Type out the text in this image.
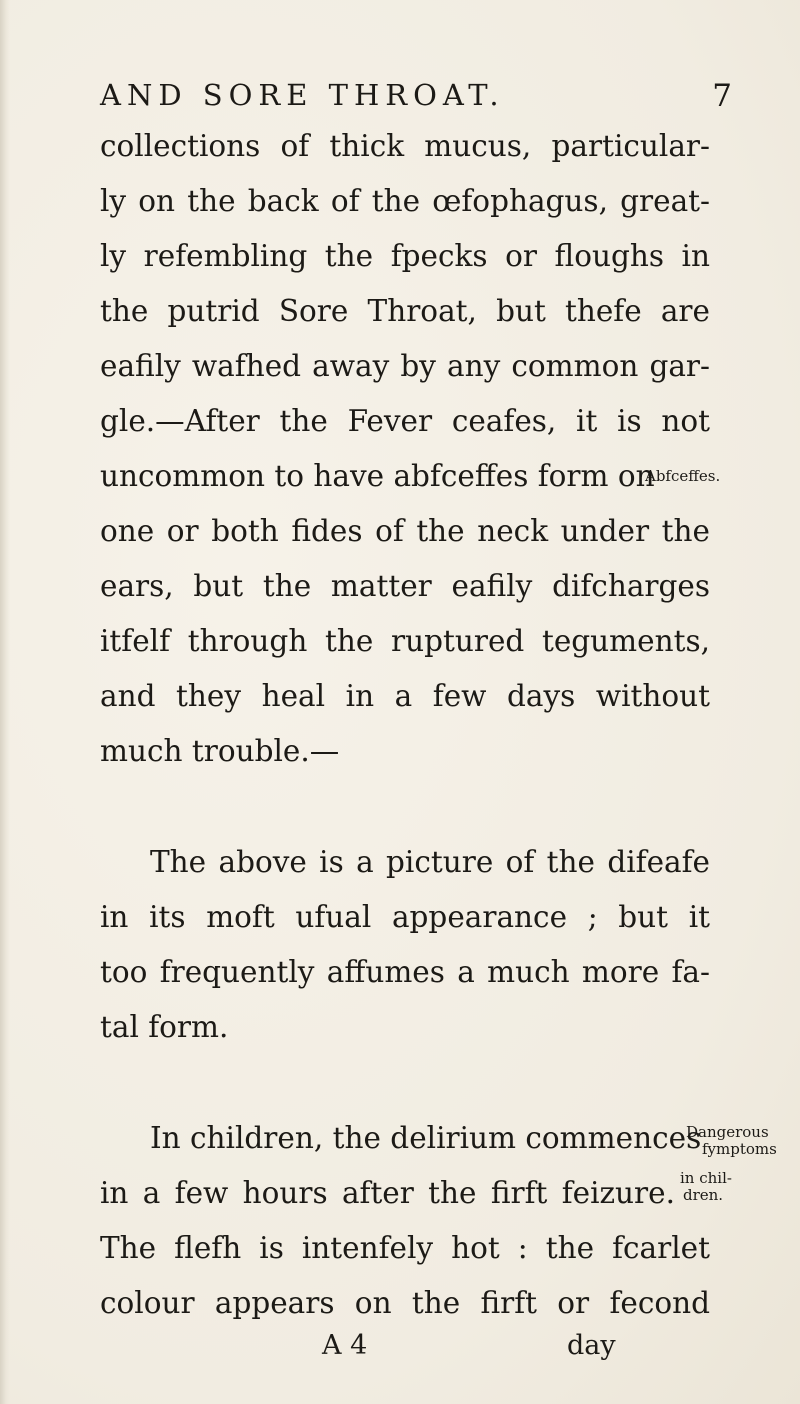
AND SORE THROAT.	7
collections of thick mucus, particular-
ly on the back of the œfophagus, great-
ly refembling the fpecks or floughs in
the putrid Sore Throat, but thefe are
eafily wafhed away by any common gar-
gle.—After the Fever ceafes, it is not
uncommon to have abfceffes form on
Abfceffes.
one or both fides of the neck under the
ears, but the matter eafily difcharges
itfelf through the ruptured teguments,
and they heal in a few days without
much trouble.—
The above is a picture of the difeafe
in its moft ufual appearance ; but it
too frequently affumes a much more fa-
tal form.
In children, the delirium commences
Dangerous
fymptoms
in a few hours after the firft feizure. in chil-
dren.
The flefh is intenfely hot : the fcarlet
colour appears on the firft or fecond
A 4	day
